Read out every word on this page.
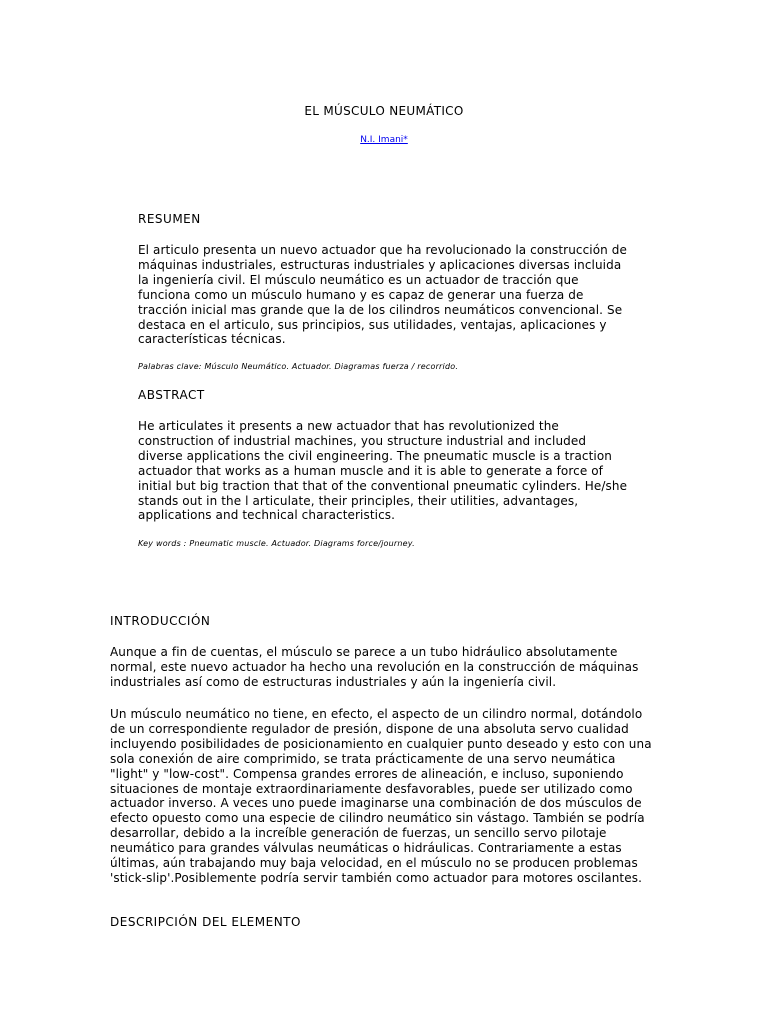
EL MÚSCULO NEUMÁTICO
N.I. Imani*
RESUMEN

El articulo presenta un nuevo actuador que ha revolucionado la construcción de máquinas industriales, estructuras industriales y aplicaciones diversas incluida la ingeniería civil. El músculo neumático es un actuador de tracción que funciona como un músculo humano y es capaz de generar una fuerza de tracción inicial mas grande que la de los cilindros neumáticos convencional. Se destaca en el articulo, sus principios, sus utilidades, ventajas, aplicaciones y características técnicas.

Palabras clave: Músculo Neumático. Actuador. Diagramas fuerza / recorrido.

ABSTRACT

He articulates it presents a new actuador that has revolutionized the construction of industrial machines, you structure industrial and included diverse applications the civil engineering. The pneumatic muscle is a traction actuador that works as a human muscle and it is able to generate a force of initial but big traction that that of the conventional pneumatic cylinders. He/she stands out in the l articulate, their principles, their utilities, advantages, applications and technical characteristics.

Key words : Pneumatic muscle. Actuador. Diagrams force/journey.

INTRODUCCIÓN

Aunque a fin de cuentas, el músculo se parece a un tubo hidráulico absolutamente normal, este nuevo actuador ha hecho una revolución en la construcción de máquinas industriales así como de estructuras industriales y aún la ingeniería civil.

Un músculo neumático no tiene, en efecto, el aspecto de un cilindro normal, dotándolo de un correspondiente regulador de presión, dispone de una absoluta servo cualidad incluyendo posibilidades de posicionamiento en cualquier punto deseado y esto con una sola conexión de aire comprimido, se trata prácticamente de una servo neumática "light" y "low-cost". Compensa grandes errores de alineación, e incluso, suponiendo situaciones de montaje extraordinariamente desfavorables, puede ser utilizado como actuador inverso. A veces uno puede imaginarse una combinación de dos músculos de efecto opuesto como una especie de cilindro neumático sin vástago. También se podría desarrollar, debido a la increíble generación de fuerzas, un sencillo servo pilotaje neumático para grandes válvulas neumáticas o hidráulicas. Contrariamente a estas últimas, aún trabajando muy baja velocidad, en el músculo no se producen problemas 'stick-slip'.Posiblemente podría servir también como actuador para motores oscilantes.

DESCRIPCIÓN DEL ELEMENTO
